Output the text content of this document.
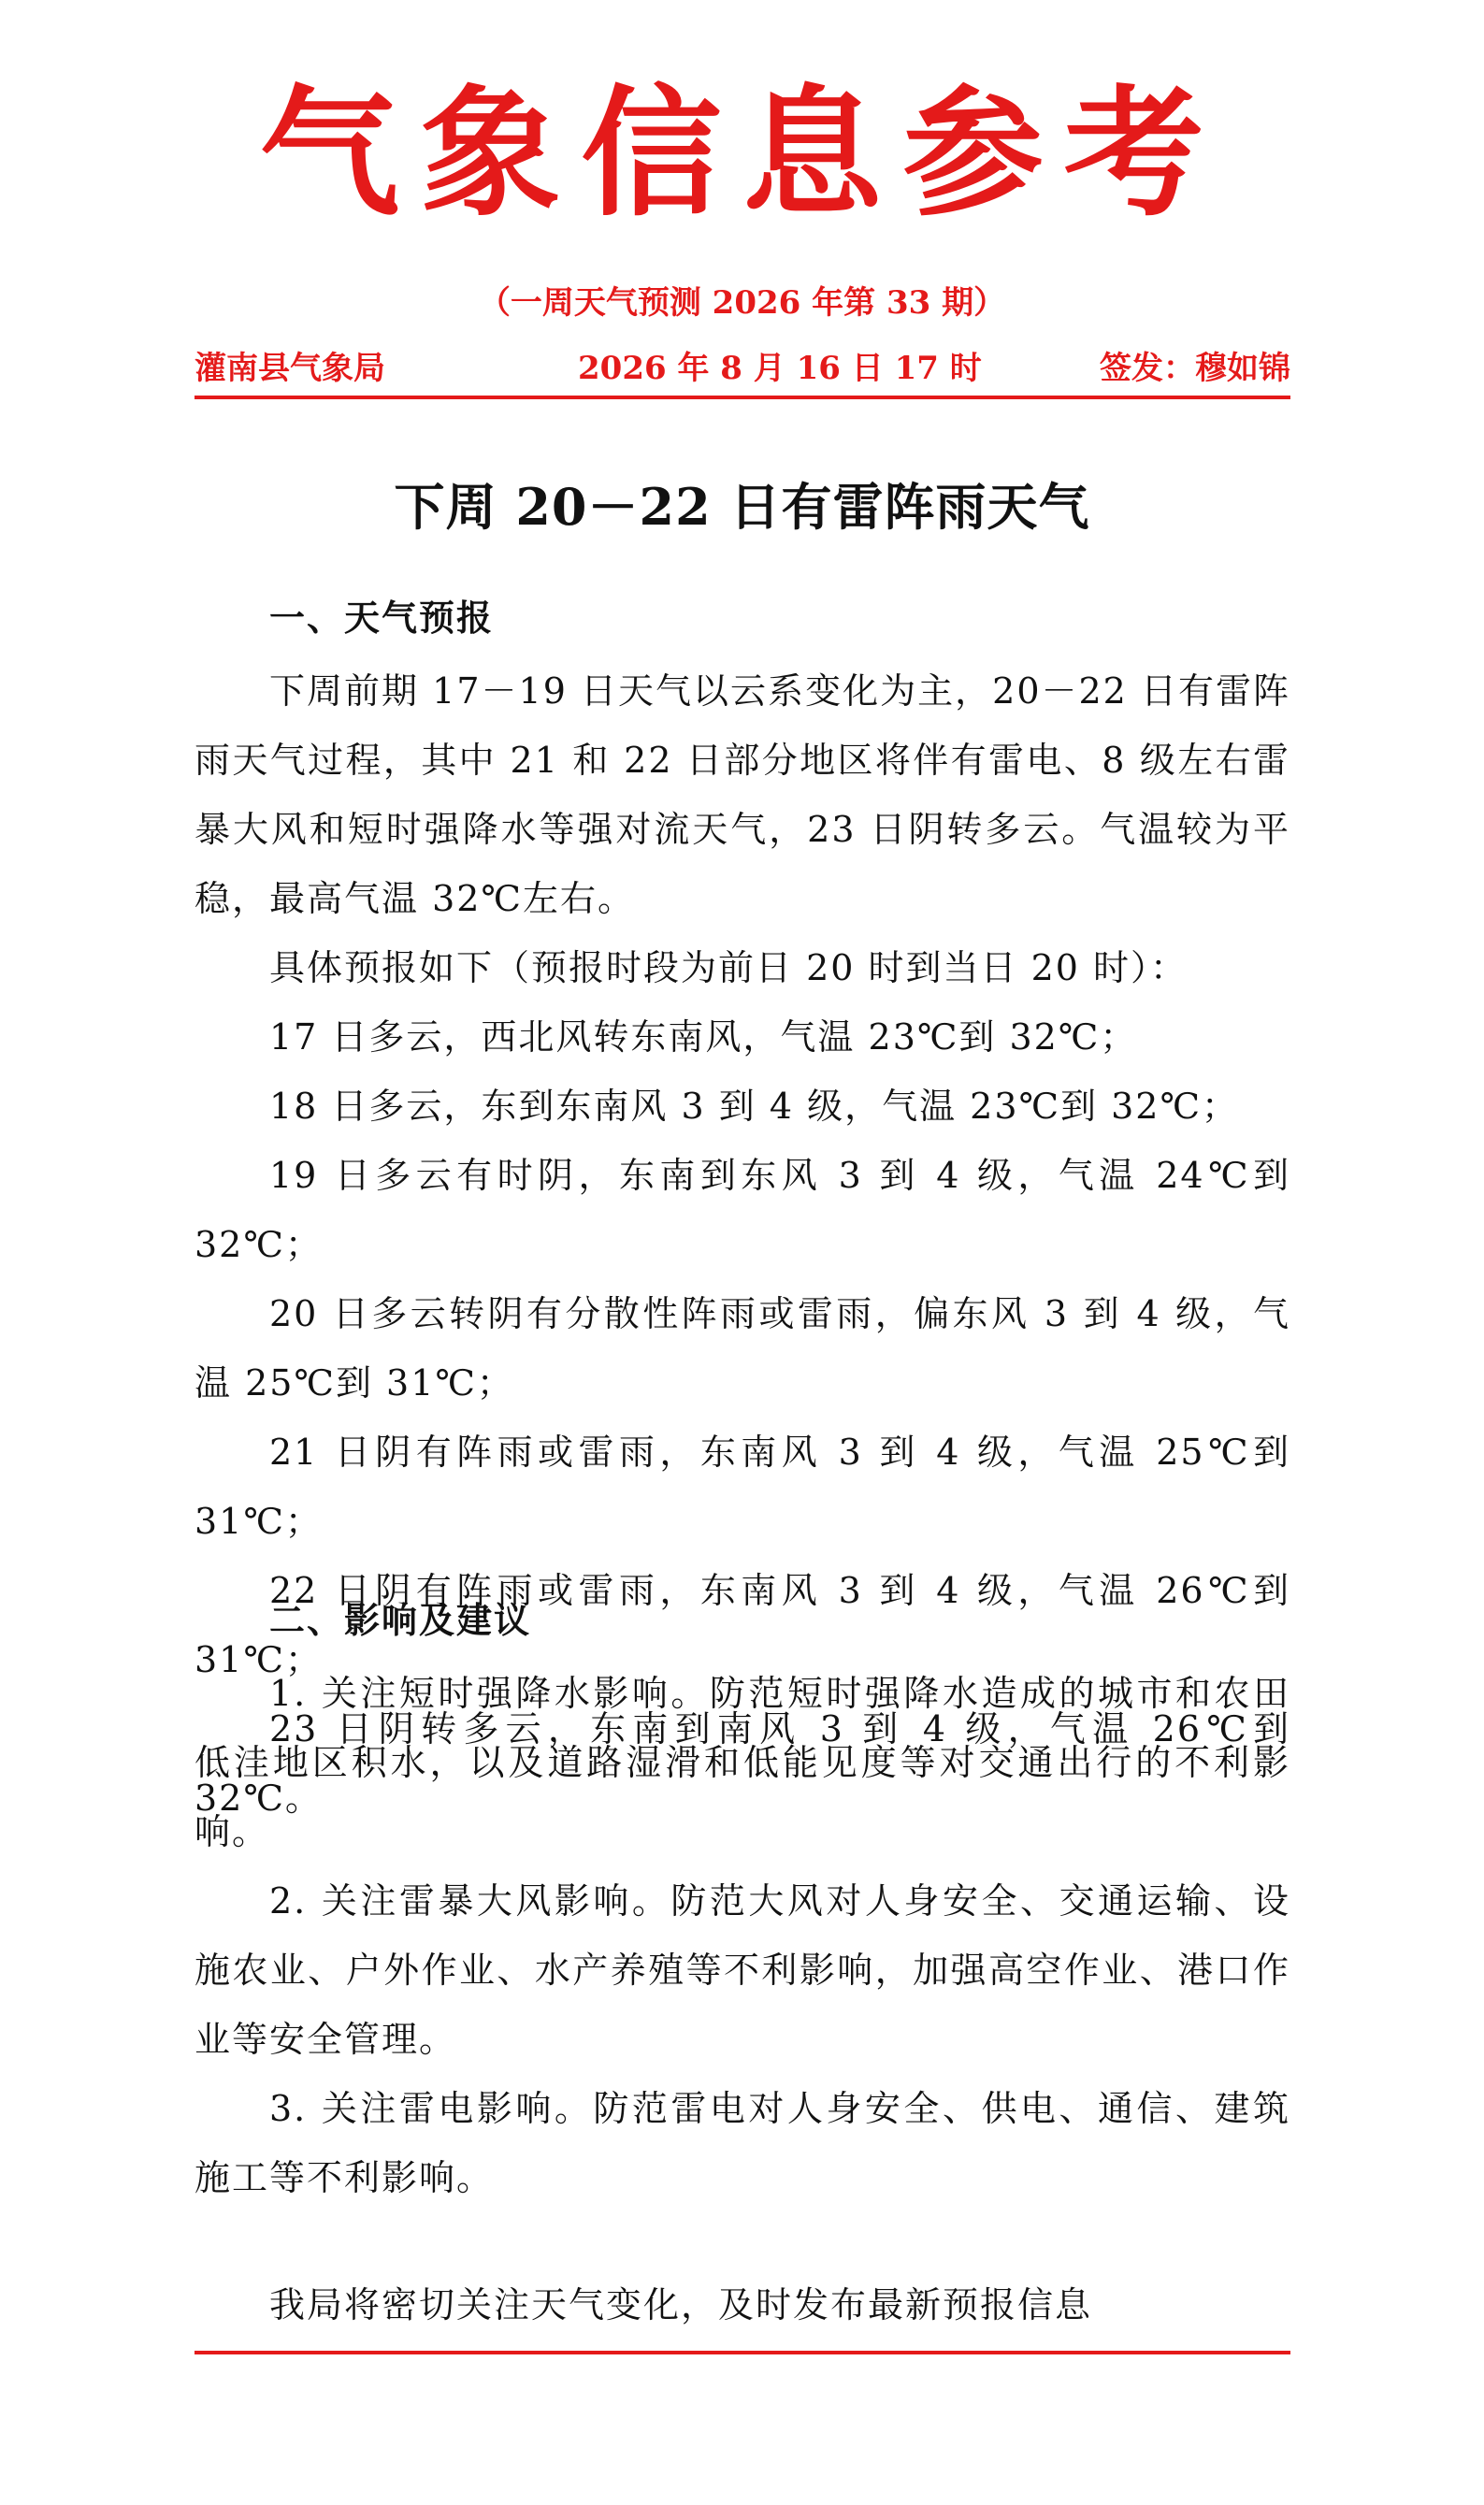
气象信息参考
（一周天气预测 2026 年第 33 期）
灌南县气象局	2026 年 8 月 16 日 17 时	签发：穆如锦
下周 20－22 日有雷阵雨天气
一、天气预报
下周前期 17－19 日天气以云系变化为主，20－22 日有雷阵雨天气过程，其中 21 和 22 日部分地区将伴有雷电、8 级左右雷暴大风和短时强降水等强对流天气，23 日阴转多云。气温较为平稳，最高气温 32℃左右。
具体预报如下（预报时段为前日 20 时到当日 20 时）：
17 日多云，西北风转东南风，气温 23℃到 32℃；
18 日多云，东到东南风 3 到 4 级，气温 23℃到 32℃；
19 日多云有时阴，东南到东风 3 到 4 级，气温 24℃到 32℃；
20 日多云转阴有分散性阵雨或雷雨，偏东风 3 到 4 级，气温 25℃到 31℃；
21 日阴有阵雨或雷雨，东南风 3 到 4 级，气温 25℃到 31℃；
22 日阴有阵雨或雷雨，东南风 3 到 4 级，气温 26℃到 31℃；
23 日阴转多云，东南到南风 3 到 4 级，气温 26℃到 32℃。
二、影响及建议
1. 关注短时强降水影响。防范短时强降水造成的城市和农田低洼地区积水，以及道路湿滑和低能见度等对交通出行的不利影响。
2. 关注雷暴大风影响。防范大风对人身安全、交通运输、设施农业、户外作业、水产养殖等不利影响，加强高空作业、港口作业等安全管理。
3. 关注雷电影响。防范雷电对人身安全、供电、通信、建筑施工等不利影响。
我局将密切关注天气变化，及时发布最新预报信息
